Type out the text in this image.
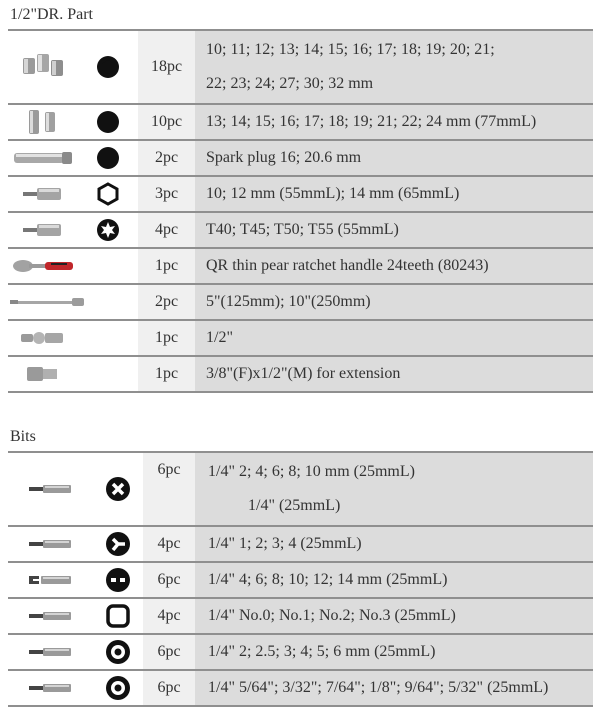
1/2"DR. Part
		18pc	10; 11; 12; 13; 14; 15; 16; 17; 18; 19; 20; 21;
22; 23; 24; 27; 30; 32 mm

		10pc	13; 14; 15; 16; 17; 18; 19; 21; 22; 24 mm (77mmL)
		2pc	Spark plug 16; 20.6 mm
		3pc	10; 12 mm (55mmL); 14 mm (65mmL)
		4pc	T40; T45; T50; T55 (55mmL)
		1pc	QR thin pear ratchet handle 24teeth (80243)
		2pc	5"(125mm); 10"(250mm)
		1pc	1/2"
		1pc	3/8"(F)x1/2"(M) for extension
Bits
		6pc	1/4" 2; 4; 6; 8; 10 mm (25mmL)
1/4" (25mmL)

		4pc	1/4" 1; 2; 3; 4 (25mmL)
		6pc	1/4" 4; 6; 8; 10; 12; 14 mm (25mmL)
		4pc	1/4" No.0; No.1; No.2; No.3 (25mmL)
		6pc	1/4" 2; 2.5; 3; 4; 5; 6 mm (25mmL)
		6pc	1/4" 5/64"; 3/32"; 7/64"; 1/8"; 9/64"; 5/32" (25mmL)
